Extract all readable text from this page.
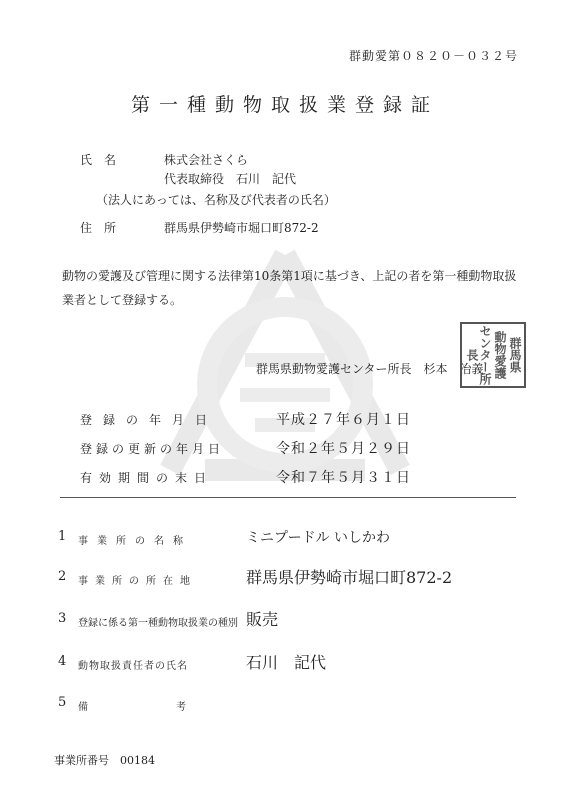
群動愛第０８２０－０３２号
第一種動物取扱業登録証
氏　名	株式会社さくら
代表取締役　石川　記代
（法人にあっては、名称及び代表者の氏名）
住　所	群馬県伊勢崎市堀口町872-2
動物の愛護及び管理に関する法律第10条第1項に基づき、上記の者を第一種動物取扱業者として登録する。
群馬県動物愛護センター所長　杉本　治義 群馬県
動物愛護
センター所長
登録の年月日	平成２７年６月１日
登録の更新の年月日	令和２年５月２９日
有効期間の末日	令和７年５月３１日
1 事業所の名称	ミニプードル いしかわ
2 事業所の所在地	群馬県伊勢崎市堀口町872-2
3 登録に係る第一種動物取扱業の種別 販売
4 動物取扱責任者の氏名	石川　記代
5 備考
事業所番号　00184
